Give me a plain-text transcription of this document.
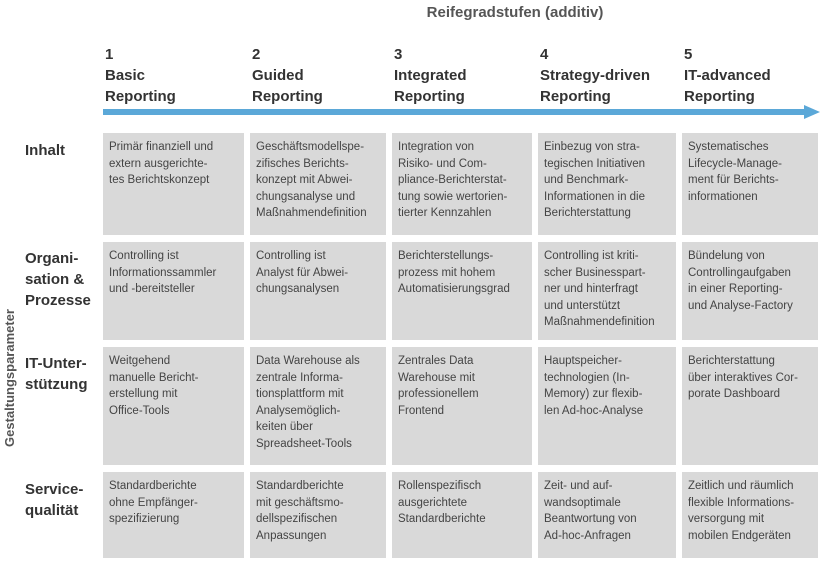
Reifegradstufen (additiv)
Gestaltungsparameter
1
Basic
Reporting
2
Guided
Reporting
3
Integrated
Reporting
4
Strategy-driven
Reporting
5
IT-advanced
Reporting
Inhalt	Primär finanziell und
extern ausgerichte-
tes Berichtskonzept
Geschäftsmodellspe-
zifisches Berichts-
konzept mit Abwei-
chungsanalyse und
Maßnahmendefinition
Integration von
Risiko- und Com-
pliance-Berichterstat-
tung sowie wertorien-
tierter Kennzahlen
Einbezug von stra-
tegischen Initiativen
und Benchmark-
Informationen in die
Berichterstattung
Systematisches
Lifecycle-Manage-
ment für Berichts-
informationen
Organi-
sation &
Prozesse
Controlling ist
Informationssammler
und -bereitsteller
Controlling ist
Analyst für Abwei-
chungsanalysen
Berichterstellungs-
prozess mit hohem
Automatisierungsgrad
Controlling ist kriti-
scher Businesspart-
ner und hinterfragt
und unterstützt
Maßnahmendefinition
Bündelung von
Controllingaufgaben
in einer Reporting-
und Analyse-Factory
IT-Unter-
stützung
Weitgehend
manuelle Bericht-
erstellung mit
Office-Tools
Data Warehouse als
zentrale Informa-
tionsplattform mit
Analysemöglich-
keiten über
Spreadsheet-Tools
Zentrales Data
Warehouse mit
professionellem
Frontend
Hauptspeicher-
technologien (In-
Memory) zur flexib-
len Ad-hoc-Analyse
Berichterstattung
über interaktives Cor-
porate Dashboard
Service-
qualität
Standardberichte
ohne Empfänger-
spezifizierung
Standardberichte
mit geschäftsmo-
dellspezifischen
Anpassungen
Rollenspezifisch
ausgerichtete
Standardberichte
Zeit- und auf-
wandsoptimale
Beantwortung von
Ad-hoc-Anfragen
Zeitlich und räumlich
flexible Informations-
versorgung mit
mobilen Endgeräten
